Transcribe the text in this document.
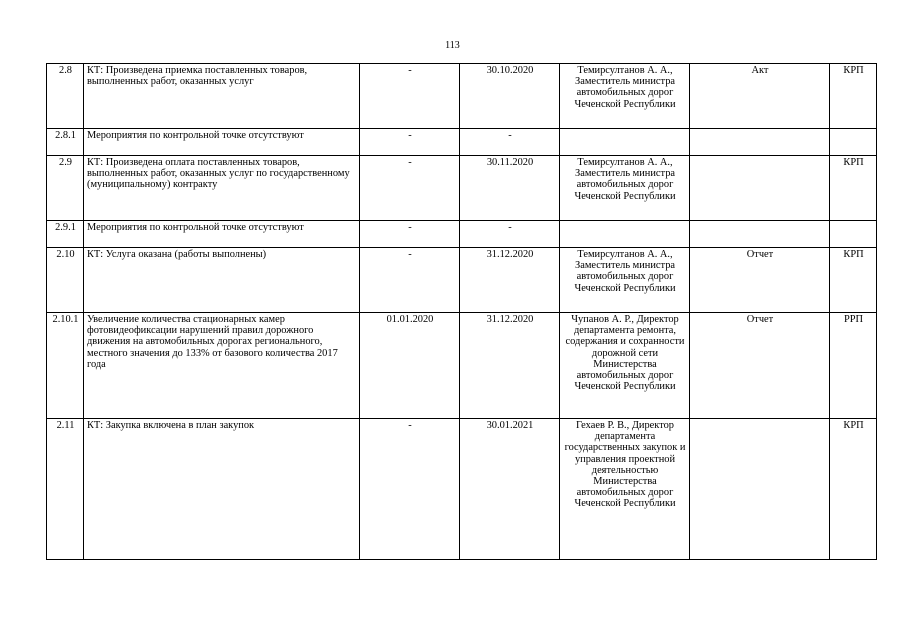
113
2.8	КТ: Произведена приемка поставленных товаров, выполненных работ, оказанных услуг	-	30.10.2020	Темирсултанов А. А., Заместитель министра автомобильных дорог Чеченской Республики	Акт	КРП
2.8.1	Мероприятия по контрольной точке отсутствуют	-	-			
2.9	КТ: Произведена оплата поставленных товаров, выполненных работ, оказанных услуг по государственному (муниципальному) контракту	-	30.11.2020	Темирсултанов А. А., Заместитель министра автомобильных дорог Чеченской Республики		КРП
2.9.1	Мероприятия по контрольной точке отсутствуют	-	-			
2.10	КТ: Услуга оказана (работы выполнены)	-	31.12.2020	Темирсултанов А. А., Заместитель министра автомобильных дорог Чеченской Республики	Отчет	КРП
2.10.1	Увеличение количества стационарных камер фотовидеофиксации нарушений правил дорожного движения на автомобильных дорогах регионального, местного значения до 133% от базового количества 2017 года	01.01.2020	31.12.2020	Чупанов А. Р., Директор департамента ремонта, содержания и сохранности дорожной сети Министерства автомобильных дорог Чеченской Республики	Отчет	РРП
2.11	КТ: Закупка включена в план закупок	-	30.01.2021	Гехаев Р. В., Директор департамента государственных закупок и управления проектной деятельностью Министерства автомобильных дорог Чеченской Республики		КРП
